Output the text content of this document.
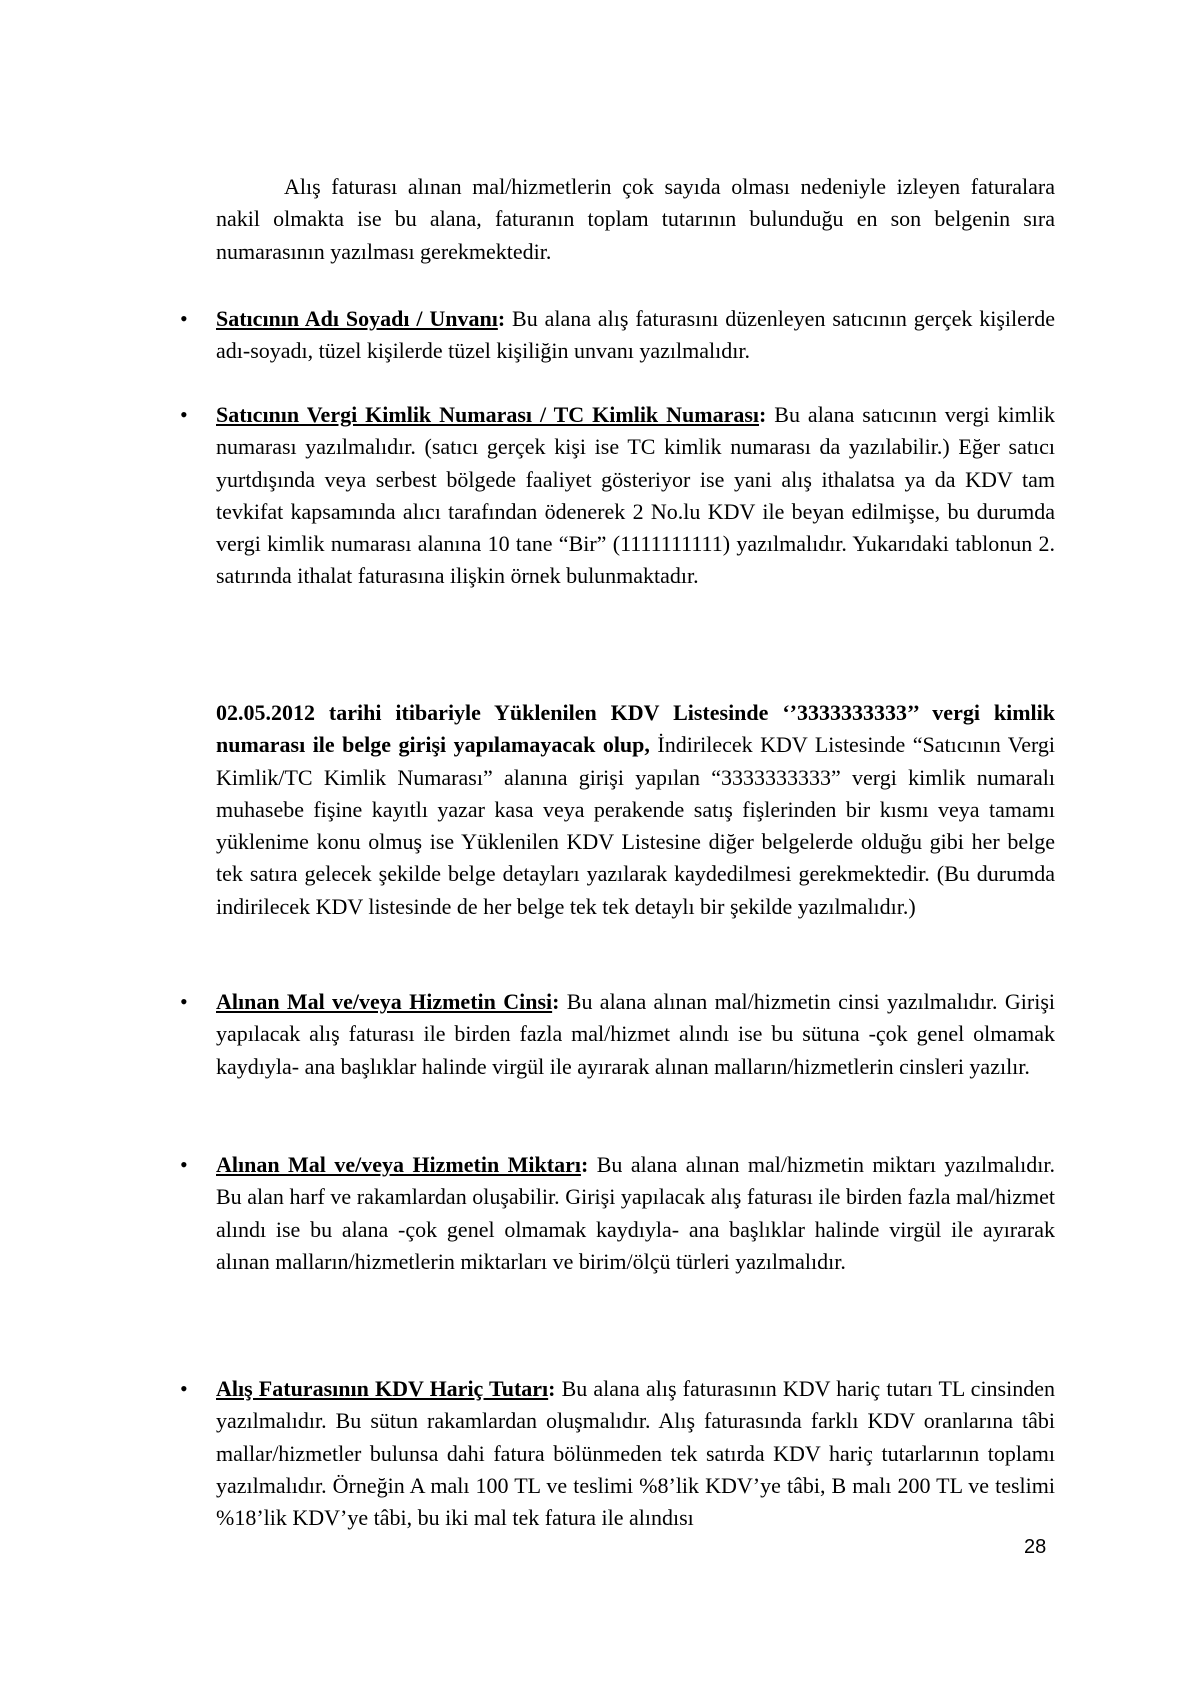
Alış faturası alınan mal/hizmetlerin çok sayıda olması nedeniyle izleyen faturalara nakil olmakta ise bu alana, faturanın toplam tutarının bulunduğu en son belgenin sıra numarasının yazılması gerekmektedir.

• Satıcının Adı Soyadı / Unvanı: Bu alana alış faturasını düzenleyen satıcının gerçek kişilerde adı-soyadı, tüzel kişilerde tüzel kişiliğin unvanı yazılmalıdır.

• Satıcının Vergi Kimlik Numarası / TC Kimlik Numarası: Bu alana satıcının vergi kimlik numarası yazılmalıdır. (satıcı gerçek kişi ise TC kimlik numarası da yazılabilir.) Eğer satıcı yurtdışında veya serbest bölgede faaliyet gösteriyor ise yani alış ithalatsa ya da KDV tam tevkifat kapsamında alıcı tarafından ödenerek 2 No.lu KDV ile beyan edilmişse, bu durumda vergi kimlik numarası alanına 10 tane “Bir” (1111111111) yazılmalıdır. Yukarıdaki tablonun 2. satırında ithalat faturasına ilişkin örnek bulunmaktadır.

02.05.2012 tarihi itibariyle Yüklenilen KDV Listesinde ‘’3333333333’’ vergi kimlik numarası ile belge girişi yapılamayacak olup, İndirilecek KDV Listesinde “Satıcının Vergi Kimlik/TC Kimlik Numarası” alanına girişi yapılan “3333333333” vergi kimlik numaralı muhasebe fişine kayıtlı yazar kasa veya perakende satış fişlerinden bir kısmı veya tamamı yüklenime konu olmuş ise Yüklenilen KDV Listesine diğer belgelerde olduğu gibi her belge tek satıra gelecek şekilde belge detayları yazılarak kaydedilmesi gerekmektedir. (Bu durumda indirilecek KDV listesinde de her belge tek tek detaylı bir şekilde yazılmalıdır.)

• Alınan Mal ve/veya Hizmetin Cinsi: Bu alana alınan mal/hizmetin cinsi yazılmalıdır. Girişi yapılacak alış faturası ile birden fazla mal/hizmet alındı ise bu sütuna -çok genel olmamak kaydıyla- ana başlıklar halinde virgül ile ayırarak alınan malların/hizmetlerin cinsleri yazılır.

• Alınan Mal ve/veya Hizmetin Miktarı: Bu alana alınan mal/hizmetin miktarı yazılmalıdır. Bu alan harf ve rakamlardan oluşabilir. Girişi yapılacak alış faturası ile birden fazla mal/hizmet alındı ise bu alana -çok genel olmamak kaydıyla- ana başlıklar halinde virgül ile ayırarak alınan malların/hizmetlerin miktarları ve birim/ölçü türleri yazılmalıdır.

• Alış Faturasının KDV Hariç Tutarı: Bu alana alış faturasının KDV hariç tutarı TL cinsinden yazılmalıdır. Bu sütun rakamlardan oluşmalıdır. Alış faturasında farklı KDV oranlarına tâbi mallar/hizmetler bulunsa dahi fatura bölünmeden tek satırda KDV hariç tutarlarının toplamı yazılmalıdır. Örneğin A malı 100 TL ve teslimi %8’lik KDV’ye tâbi, B malı 200 TL ve teslimi %18’lik KDV’ye tâbi, bu iki mal tek fatura ile alındısı

28
